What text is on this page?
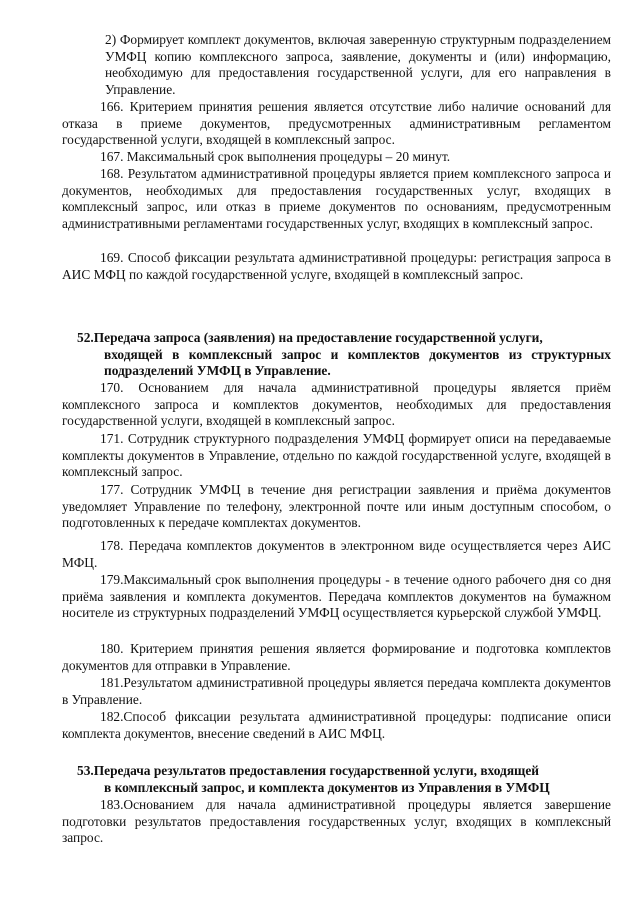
2) Формирует комплект документов, включая заверенную структурным подразделением УМФЦ копию комплексного запроса, заявление, документы и (или) информацию, необходимую для предоставления государственной услуги, для его направления в Управление.

166. Критерием принятия решения является отсутствие либо наличие оснований для отказа в приеме документов, предусмотренных административным регламентом государственной услуги, входящей в комплексный запрос.

167. Максимальный срок выполнения процедуры – 20 минут.

168. Результатом административной процедуры является прием комплексного запроса и документов, необходимых для предоставления государственных услуг, входящих в комплексный запрос, или отказ в приеме документов по основаниям, предусмотренным административными регламентами государственных услуг, входящих в комплексный запрос.

169. Способ фиксации результата административной процедуры: регистрация запроса в АИС МФЦ по каждой государственной услуге, входящей в комплексный запрос.

52.Передача запроса (заявления) на предоставление государственной услуги,
входящей в комплексный запрос и комплектов документов из структурных подразделений УМФЦ в Управление.

170. Основанием для начала административной процедуры является приём комплексного запроса и комплектов документов, необходимых для предоставления государственной услуги, входящей в комплексный запрос.

171. Сотрудник структурного подразделения УМФЦ формирует описи на передаваемые комплекты документов в Управление, отдельно по каждой государственной услуге, входящей в комплексный запрос.

177. Сотрудник УМФЦ в течение дня регистрации заявления и приёма документов уведомляет Управление по телефону, электронной почте или иным доступным способом, о подготовленных к передаче комплектах документов.

178. Передача комплектов документов в электронном виде осуществляется через АИС МФЦ.

179.Максимальный срок выполнения процедуры - в течение одного рабочего дня со дня приёма заявления и комплекта документов. Передача комплектов документов на бумажном носителе из структурных подразделений УМФЦ осуществляется курьерской службой УМФЦ.

180. Критерием принятия решения является формирование и подготовка комплектов документов для отправки в Управление.

181.Результатом административной процедуры является передача комплекта документов в Управление.

182.Способ фиксации результата административной процедуры: подписание описи комплекта документов, внесение сведений в АИС МФЦ.

53.Передача результатов предоставления государственной услуги, входящей
в комплексный запрос, и комплекта документов из Управления в УМФЦ

183.Основанием для начала административной процедуры является завершение подготовки результатов предоставления государственных услуг, входящих в комплексный запрос.
